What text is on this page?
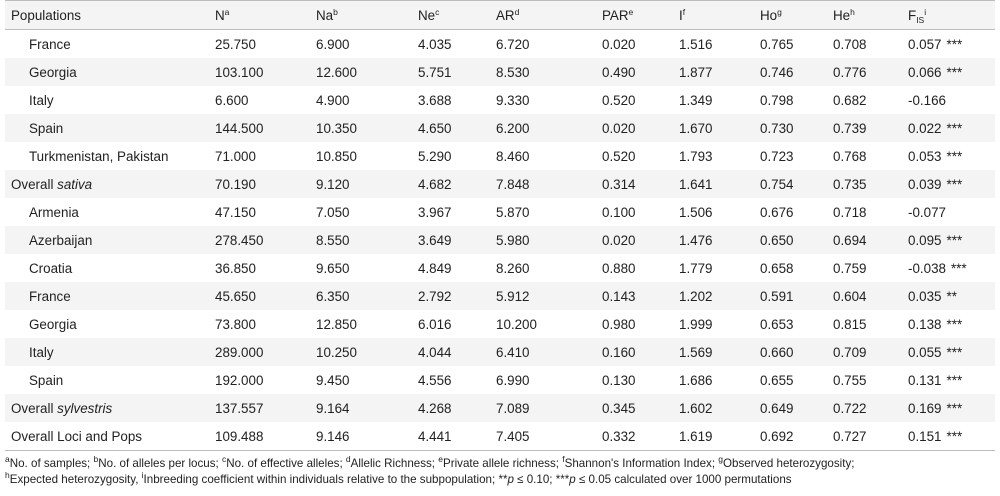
Populations	$N^a$	Na$^b$	Ne$^c$	$AR^d$	PAR$^e$	$I^f$	Ho$^g$	He$^h$	$F_{IS}^i$
France	25.750	6.900	4.035	6.720	0.020	1.516	0.765	0.708	0.057 ***
Georgia	103.100	12.600	5.751	8.530	0.490	1.877	0.746	0.776	0.066 ***
Italy	6.600	4.900	3.688	9.330	0.520	1.349	0.798	0.682	-0.166
Spain	144.500	10.350	4.650	6.200	0.020	1.670	0.730	0.739	0.022 ***
Turkmenistan, Pakistan	71.000	10.850	5.290	8.460	0.520	1.793	0.723	0.768	0.053 ***
Overall sativa	70.190	9.120	4.682	7.848	0.314	1.641	0.754	0.735	0.039 ***
Armenia	47.150	7.050	3.967	5.870	0.100	1.506	0.676	0.718	-0.077
Azerbaijan	278.450	8.550	3.649	5.980	0.020	1.476	0.650	0.694	0.095 ***
Croatia	36.850	9.650	4.849	8.260	0.880	1.779	0.658	0.759	-0.038 ***
France	45.650	6.350	2.792	5.912	0.143	1.202	0.591	0.604	0.035 **
Georgia	73.800	12.850	6.016	10.200	0.980	1.999	0.653	0.815	0.138 ***
Italy	289.000	10.250	4.044	6.410	0.160	1.569	0.660	0.709	0.055 ***
Spain	192.000	9.450	4.556	6.990	0.130	1.686	0.655	0.755	0.131 ***
Overall sylvestris	137.557	9.164	4.268	7.089	0.345	1.602	0.649	0.722	0.169 ***
Overall Loci and Pops	109.488	9.146	4.441	7.405	0.332	1.619	0.692	0.727	0.151 ***
$^a$No. of samples; $^b$No. of alleles per locus; $^c$No. of effective alleles; $^d$Allelic Richness; $^e$Private allele richness; $^f$Shannon's Information Index; $^g$Observed heterozygosity;
$^h$Expected heterozygosity, $^i$Inbreeding coefficient within individuals relative to the subpopulation; **p ≤ 0.10; ***p ≤ 0.05 calculated over 1000 permutations
